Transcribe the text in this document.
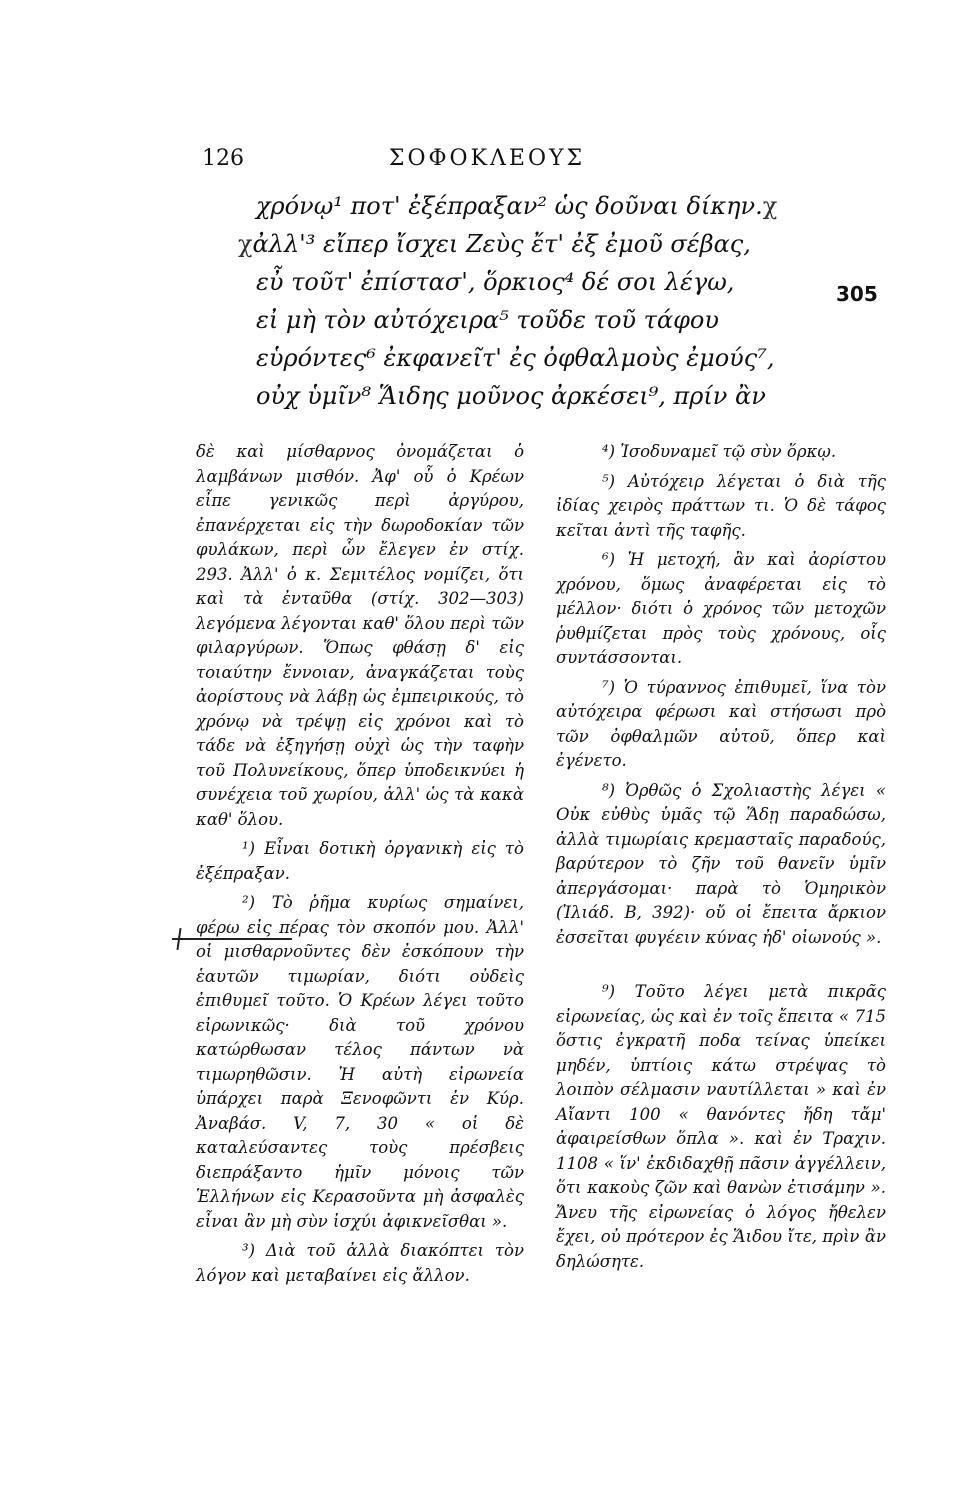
126	ΣΟΦΟΚΛΕΟΥΣ
305
χρόνῳ¹ ποτ' ἐξέπραξαν² ὡς δοῦναι δίκην.χ
χἀλλ'³ εἴπερ ἴσχει Ζεὺς ἔτ' ἐξ ἐμοῦ σέβας,
εὖ τοῦτ' ἐπίστασ', ὅρκιος⁴ δέ σοι λέγω,
εἰ μὴ τὸν αὐτόχειρα⁵ τοῦδε τοῦ τάφου
εὑρόντες⁶ ἐκφανεῖτ' ἐς ὀφθαλμοὺς ἐμούς⁷,
οὐχ ὑμῖν⁸ Ἅιδης μοῦνος ἀρκέσει⁹, πρίν ἂν

δὲ καὶ μίσθαρνος ὀνομάζεται ὁ λαμβάνων μισθόν. Ἀφ' οὗ ὁ Κρέων εἶπε γενικῶς περὶ ἀργύρου, ἐπανέρχεται εἰς τὴν δωροδοκίαν τῶν φυλάκων, περὶ ὧν ἔλεγεν ἐν στίχ. 293. Ἀλλ' ὁ κ. Σεμιτέλος νομίζει, ὅτι καὶ τὰ ἐνταῦθα (στίχ. 302—303) λεγόμενα λέγονται καθ' ὅλου περὶ τῶν φιλαργύρων. Ὅπως φθάσῃ δ' εἰς τοιαύτην ἔννοιαν, ἀναγκάζεται τοὺς ἀορίστους νὰ λάβῃ ὡς ἐμπειρικούς, τὸ χρόνῳ νὰ τρέψῃ εἰς χρόνοι καὶ τὸ τάδε νὰ ἐξηγήσῃ οὐχὶ ὡς τὴν ταφὴν τοῦ Πολυνείκους, ὅπερ ὑποδεικνύει ἡ συνέχεια τοῦ χωρίου, ἀλλ' ὡς τὰ κακὰ καθ' ὅλου.

¹) Εἶναι δοτικὴ ὀργανικὴ εἰς τὸ ἐξέπραξαν.

²) Τὸ ῥῆμα κυρίως σημαίνει, φέρω εἰς πέρας τὸν σκοπόν μου. Ἀλλ' οἱ μισθαρνοῦντες δὲν ἐσκόπουν τὴν ἑαυτῶν τιμωρίαν, διότι οὐδεὶς ἐπιθυμεῖ τοῦτο. Ὁ Κρέων λέγει τοῦτο εἰρωνικῶς· διὰ τοῦ χρόνου κατώρθωσαν τέλος πάντων νὰ τιμωρηθῶσιν. Ἡ αὐτὴ εἰρωνεία ὑπάρχει παρὰ Ξενοφῶντι ἐν Κύρ. Ἀναβάσ. V, 7, 30 « οἱ δὲ καταλεύσαντες τοὺς πρέσβεις διεπράξαντο ἡμῖν μόνοις τῶν Ἑλλήνων εἰς Κερασοῦντα μὴ ἀσφαλὲς εἶναι ἂν μὴ σὺν ἰσχύι ἀφικνεῖσθαι ».

³) Διὰ τοῦ ἀλλὰ διακόπτει τὸν λόγον καὶ μεταβαίνει εἰς ἄλλον.

⁴) Ἰσοδυναμεῖ τῷ σὺν ὅρκῳ.

⁵) Αὐτόχειρ λέγεται ὁ διὰ τῆς ἰδίας χειρὸς πράττων τι. Ὁ δὲ τάφος κεῖται ἀντὶ τῆς ταφῆς.

⁶) Ἡ μετοχή, ἂν καὶ ἀορίστου χρόνου, ὅμως ἀναφέρεται εἰς τὸ μέλλον· διότι ὁ χρόνος τῶν μετοχῶν ῥυθμίζεται πρὸς τοὺς χρόνους, οἷς συντάσσονται.

⁷) Ὁ τύραννος ἐπιθυμεῖ, ἵνα τὸν αὐτόχειρα φέρωσι καὶ στήσωσι πρὸ τῶν ὀφθαλμῶν αὐτοῦ, ὅπερ καὶ ἐγένετο.

⁸) Ὀρθῶς ὁ Σχολιαστὴς λέγει « Οὐκ εὐθὺς ὑμᾶς τῷ Ἅδῃ παραδώσω, ἀλλὰ τιμωρίαις κρεμασταῖς παραδούς, βαρύτερον τὸ ζῆν τοῦ θανεῖν ὑμῖν ἀπεργάσομαι· παρὰ τὸ Ὁμηρικὸν (Ἰλιάδ. Β, 392)· οὔ οἱ ἔπειτα ἄρκιον ἐσσεῖται φυγέειν κύνας ἠδ' οἰωνούς ».

⁹) Τοῦτο λέγει μετὰ πικρᾶς εἰρωνείας, ὡς καὶ ἐν τοῖς ἔπειτα « 715 ὅστις ἐγκρατῆ ποδα τείνας ὑπείκει μηδέν, ὑπτίοις κάτω στρέψας τὸ λοιπὸν σέλμασιν ναυτίλλεται » καὶ ἐν Αἴαντι 100 « θανόντες ἤδη τἄμ' ἀφαιρείσθων ὅπλα ». καὶ ἐν Τραχιν. 1108 « ἵν' ἐκδιδαχθῇ πᾶσιν ἀγγέλλειν, ὅτι κακοὺς ζῶν καὶ θανὼν ἐτισάμην ». Ἄνευ τῆς εἰρωνείας ὁ λόγος ἤθελεν ἔχει, οὐ πρότερον ἐς Ἅιδου ἴτε, πρὶν ἂν δηλώσητε.
